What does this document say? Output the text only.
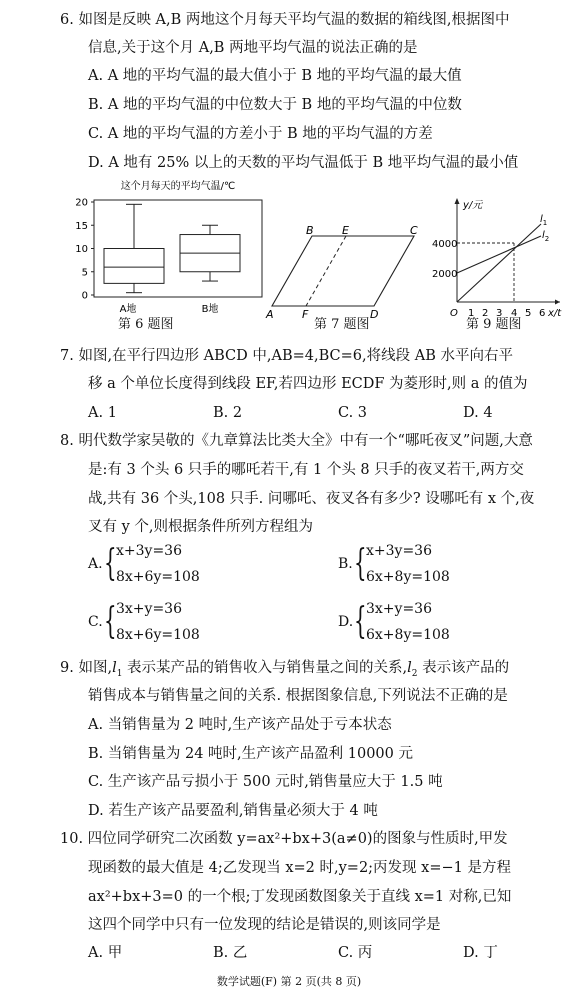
6. 如图是反映 A,B 两地这个月每天平均气温的数据的箱线图,根据图中
信息,关于这个月 A,B 两地平均气温的说法正确的是
A. A 地的平均气温的最大值小于 B 地的平均气温的最大值
B. A 地的平均气温的中位数大于 B 地的平均气温的中位数
C. A 地的平均气温的方差小于 B 地的平均气温的方差
D. A 地有 25% 以上的天数的平均气温低于 B 地平均气温的最小值
这个月每天的平均气温/℃
0
5
10
15
20
A地	B地
第 6 题图
B	E	C
A	F	D
第 7 题图
y/元
x/t
4000
2000
$l_1$
$l_2$
O 1 2 3 4 5 6
第 9 题图
7. 如图,在平行四边形 ABCD 中,AB=4,BC=6,将线段 AB 水平向右平
移 a 个单位长度得到线段 EF,若四边形 ECDF 为菱形时,则 a 的值为
A. 1	B. 2	C. 3	D. 4
8. 明代数学家吴敬的《九章算法比类大全》中有一个“哪吒夜叉”问题,大意
是:有 3 个头 6 只手的哪吒若干,有 1 个头 8 只手的夜叉若干,两方交
战,共有 36 个头,108 只手. 问哪吒、夜叉各有多少? 设哪吒有 x 个,夜
叉有 y 个,则根据条件所列方程组为
A. { x+3y=36
8x+6y=108
B. { x+3y=36
6x+8y=108
C. { 3x+y=36
8x+6y=108
D. { 3x+y=36
6x+8y=108
9. 如图$,l_1$ 表示某产品的销售收入与销售量之间的关系$,l_2$ 表示该产品的
销售成本与销售量之间的关系. 根据图象信息,下列说法不正确的是
A. 当销售量为 2 吨时,生产该产品处于亏本状态
B. 当销售量为 24 吨时,生产该产品盈利 10000 元
C. 生产该产品亏损小于 500 元时,销售量应大于 1.5 吨
D. 若生产该产品要盈利,销售量必须大于 4 吨
10. 四位同学研究二次函数 y=ax²+bx+3(a≠0)的图象与性质时,甲发
现函数的最大值是 4;乙发现当 x=2 时,y=2;丙发现 x=−1 是方程
ax²+bx+3=0 的一个根;丁发现函数图象关于直线 x=1 对称,已知
这四个同学中只有一位发现的结论是错误的,则该同学是
A. 甲	B. 乙	C. 丙	D. 丁
数学试题(F) 第 2 页(共 8 页)
